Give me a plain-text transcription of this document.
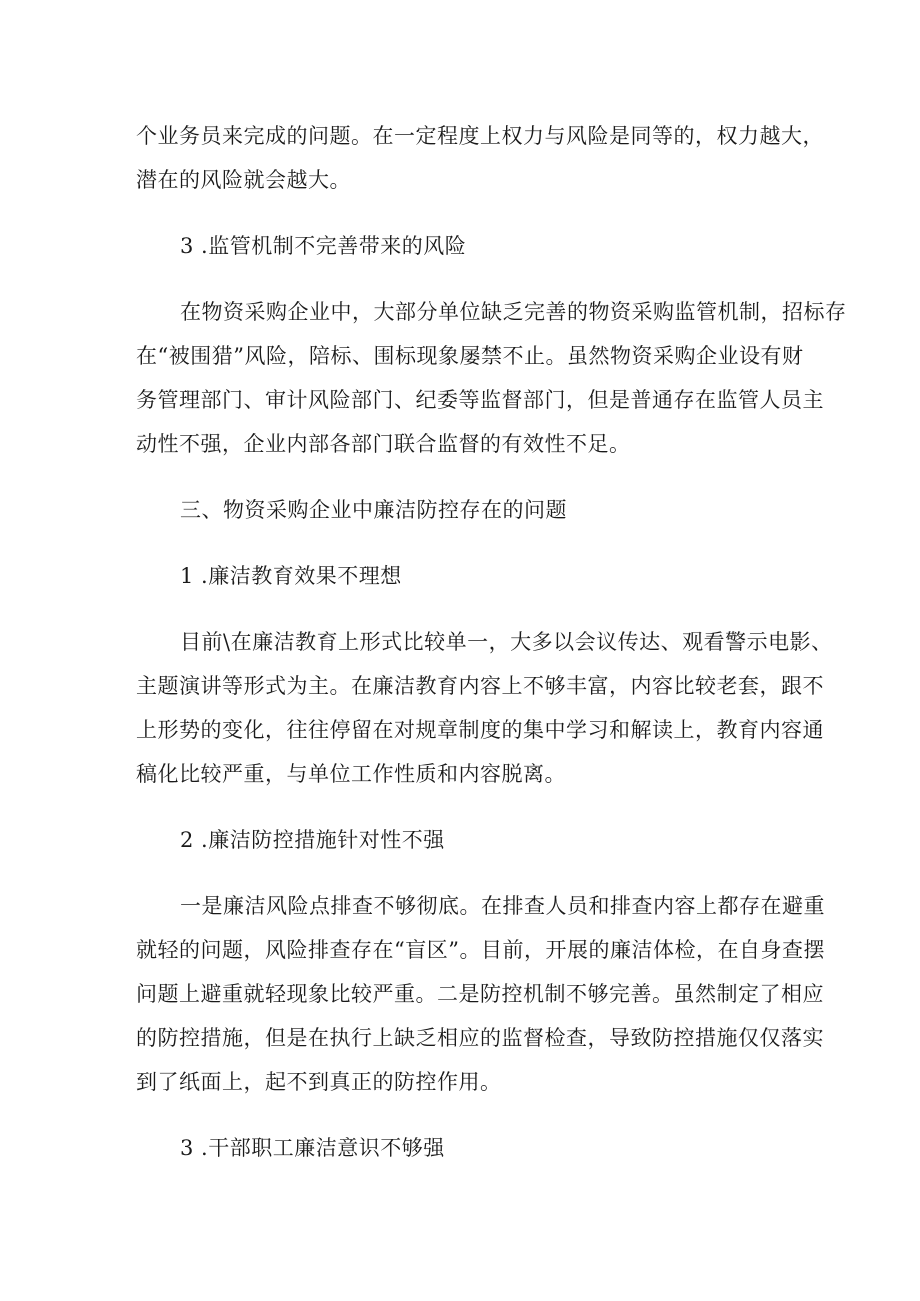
个业务员来完成的问题。在一定程度上权力与风险是同等的，权力越大，
潜在的风险就会越大。
3 .监管机制不完善带来的风险
在物资采购企业中，大部分单位缺乏完善的物资采购监管机制，招标存
在“被围猎”风险，陪标、围标现象屡禁不止。虽然物资采购企业设有财
务管理部门、审计风险部门、纪委等监督部门，但是普通存在监管人员主
动性不强，企业内部各部门联合监督的有效性不足。
三、物资采购企业中廉洁防控存在的问题
1 .廉洁教育效果不理想
目前\在廉洁教育上形式比较单一，大多以会议传达、观看警示电影、
主题演讲等形式为主。在廉洁教育内容上不够丰富，内容比较老套，跟不
上形势的变化，往往停留在对规章制度的集中学习和解读上，教育内容通
稿化比较严重，与单位工作性质和内容脱离。
2 .廉洁防控措施针对性不强
一是廉洁风险点排查不够彻底。在排查人员和排查内容上都存在避重
就轻的问题，风险排查存在“盲区”。目前，开展的廉洁体检，在自身查摆
问题上避重就轻现象比较严重。二是防控机制不够完善。虽然制定了相应
的防控措施，但是在执行上缺乏相应的监督检查，导致防控措施仅仅落实
到了纸面上，起不到真正的防控作用。
3 .干部职工廉洁意识不够强
